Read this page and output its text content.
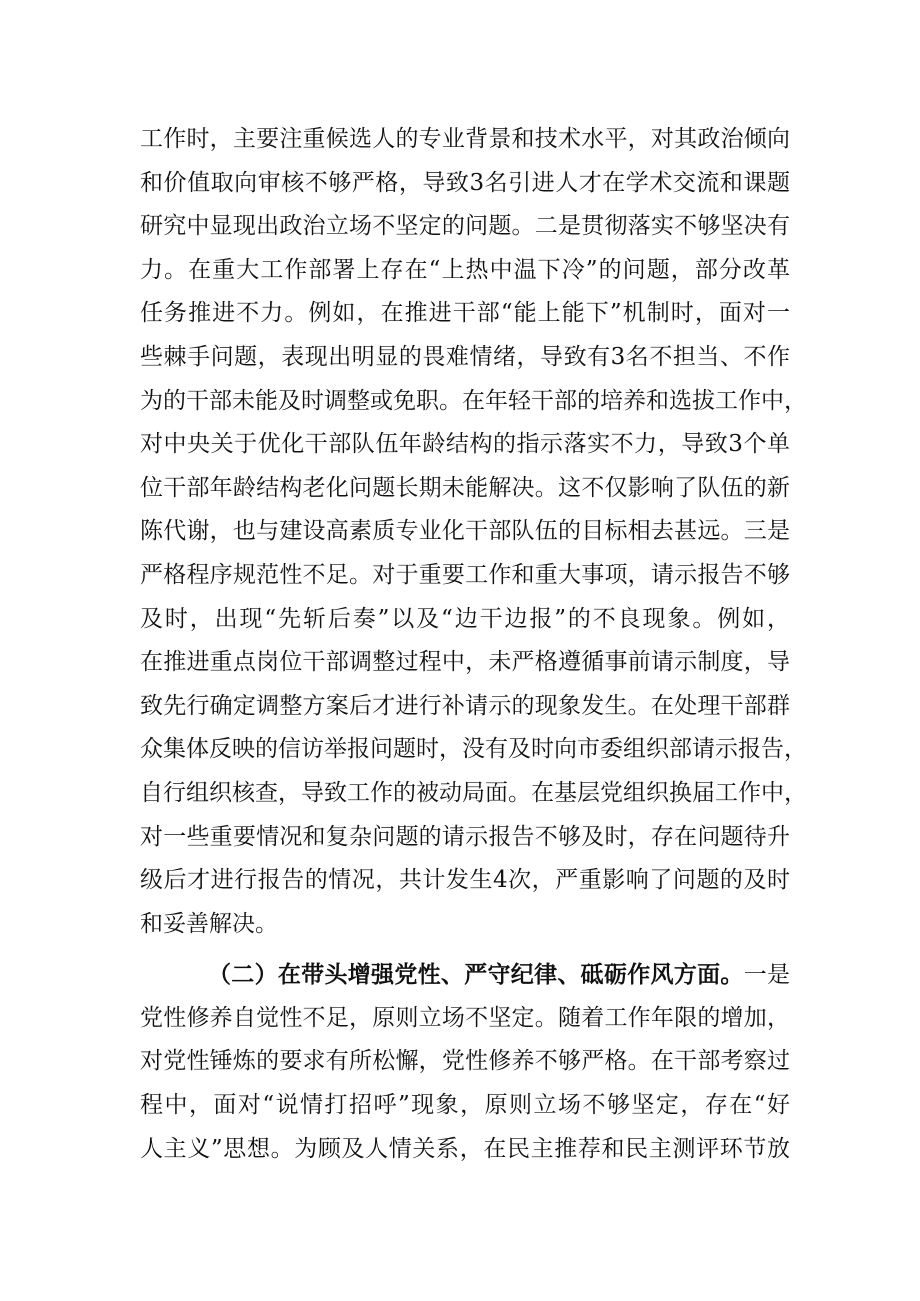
工作时，主要注重候选人的专业背景和技术水平，对其政治倾向
和价值取向审核不够严格，导致3名引进人才在学术交流和课题
研究中显现出政治立场不坚定的问题。二是贯彻落实不够坚决有
力。在重大工作部署上存在“上热中温下冷”的问题，部分改革
任务推进不力。例如，在推进干部“能上能下”机制时，面对一
些棘手问题，表现出明显的畏难情绪，导致有3名不担当、不作
为的干部未能及时调整或免职。在年轻干部的培养和选拔工作中，
对中央关于优化干部队伍年龄结构的指示落实不力，导致3个单
位干部年龄结构老化问题长期未能解决。这不仅影响了队伍的新
陈代谢，也与建设高素质专业化干部队伍的目标相去甚远。三是
严格程序规范性不足。对于重要工作和重大事项，请示报告不够
及时，出现“先斩后奏”以及“边干边报”的不良现象。例如，
在推进重点岗位干部调整过程中，未严格遵循事前请示制度，导
致先行确定调整方案后才进行补请示的现象发生。在处理干部群
众集体反映的信访举报问题时，没有及时向市委组织部请示报告，
自行组织核查，导致工作的被动局面。在基层党组织换届工作中，
对一些重要情况和复杂问题的请示报告不够及时，存在问题待升
级后才进行报告的情况，共计发生4次，严重影响了问题的及时
和妥善解决。
（二）在带头增强党性、严守纪律、砥砺作风方面。一是
党性修养自觉性不足，原则立场不坚定。随着工作年限的增加，
对党性锤炼的要求有所松懈，党性修养不够严格。在干部考察过
程中，面对“说情打招呼”现象，原则立场不够坚定，存在“好
人主义”思想。为顾及人情关系，在民主推荐和民主测评环节放
